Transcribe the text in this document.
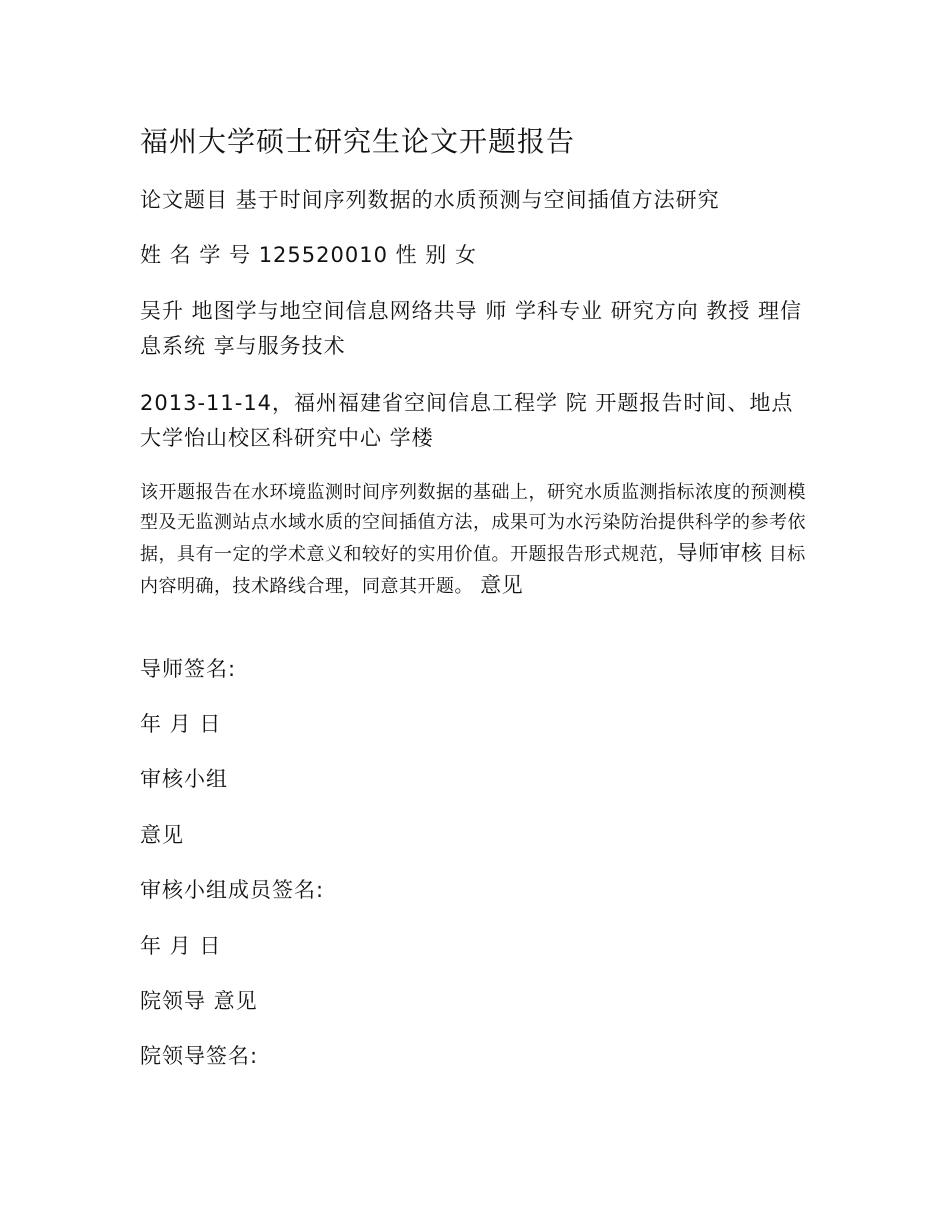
福州大学硕士研究生论文开题报告
论文题目 基于时间序列数据的水质预测与空间插值方法研究
姓 名 学 号 125520010 性 别 女
吴升 地图学与地空间信息网络共导 师 学科专业 研究方向 教授 理信息系统 享与服务技术
2013-11-14，福州福建省空间信息工程学 院 开题报告时间、地点 大学怡山校区科研究中心 学楼
该开题报告在水环境监测时间序列数据的基础上，研究水质监测指标浓度的预测模型及无监测站点水域水质的空间插值方法，成果可为水污染防治提供科学的参考依据，具有一定的学术意义和较好的实用价值。开题报告形式规范，导师审核 目标内容明确，技术路线合理，同意其开题。 意见
导师签名:
年 月 日
审核小组
意见
审核小组成员签名:
年 月 日
院领导 意见
院领导签名:
